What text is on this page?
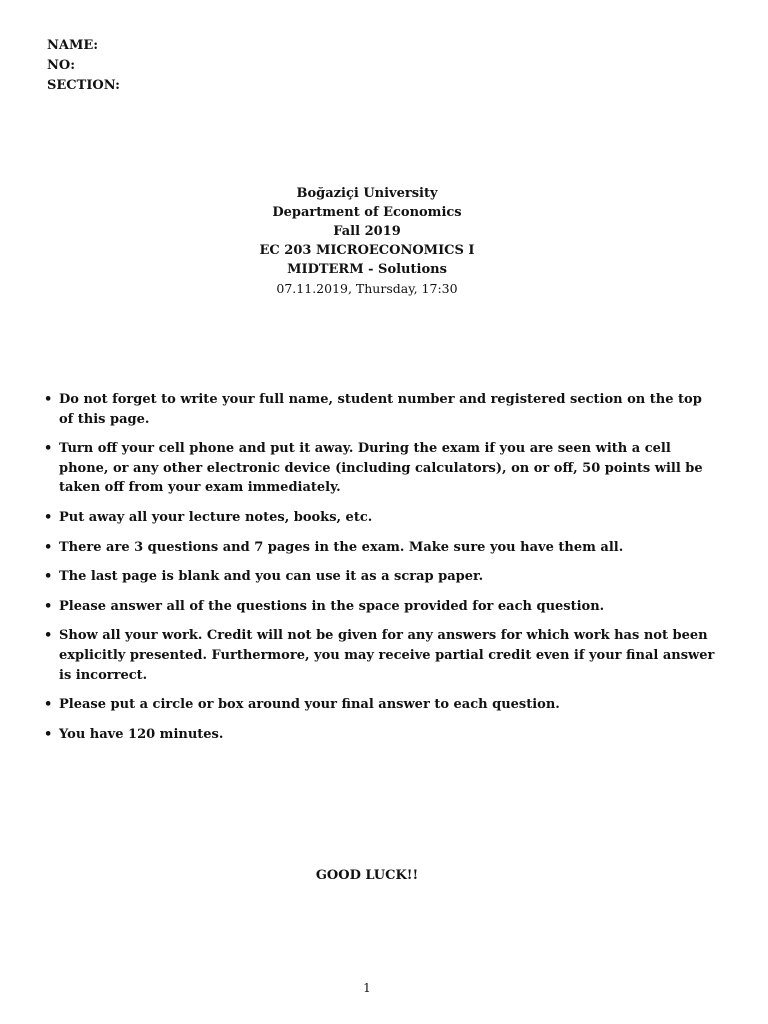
NAME:
NO:
SECTION:
Boğaziçi University
Department of Economics
Fall 2019
EC 203 MICROECONOMICS I
MIDTERM - Solutions
07.11.2019, Thursday, 17:30
• Do not forget to write your full name, student number and registered section on the top of this page.
• Turn off your cell phone and put it away. During the exam if you are seen with a cell phone, or any other electronic device (including calculators), on or off, 50 points will be taken off from your exam immediately.
• Put away all your lecture notes, books, etc.
• There are 3 questions and 7 pages in the exam. Make sure you have them all.
• The last page is blank and you can use it as a scrap paper.
• Please answer all of the questions in the space provided for each question.
• Show all your work. Credit will not be given for any answers for which work has not been explicitly presented. Furthermore, you may receive partial credit even if your final answer is incorrect.
• Please put a circle or box around your final answer to each question.
• You have 120 minutes.
GOOD LUCK!!
1
